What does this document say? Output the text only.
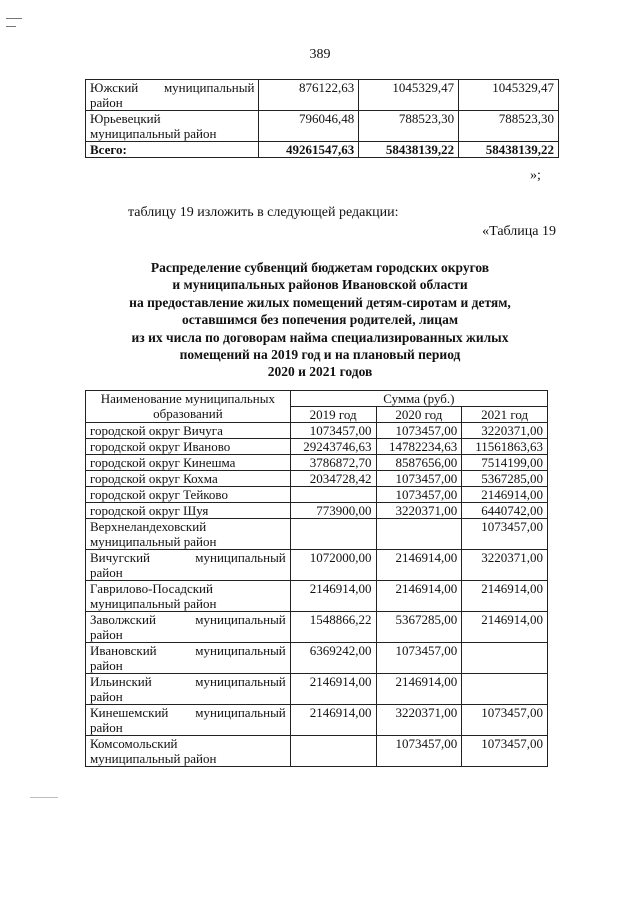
389
Южский муниципальный
район	876122,63	1045329,47	1045329,47

Юрьевецкий
муниципальный район	796046,48	788523,30	788523,30
Всего:	49261547,63	58438139,22	58438139,22
»;
таблицу 19 изложить в следующей редакции:
«Таблица 19
Распределение субвенций бюджетам городских округов
и муниципальных районов Ивановской области
на предоставление жилых помещений детям-сиротам и детям,
оставшимся без попечения родителей, лицам
из их числа по договорам найма специализированных жилых
помещений на 2019 год и на плановый период
2020 и 2021 годов
Наименование муниципальных образований	Сумма (руб.)		
	2019 год	2020 год	2021 год

городской округ Вичуга	1073457,00	1073457,00	3220371,00

городской округ Иваново	29243746,63	14782234,63	11561863,63

городской округ Кинешма	3786872,70	8587656,00	7514199,00

городской округ Кохма	2034728,42	1073457,00	5367285,00

городской округ Тейково		1073457,00	2146914,00

городской округ Шуя	773900,00	3220371,00	6440742,00

Верхнеландеховский
муниципальный район			1073457,00

Вичугский муниципальный
район	1072000,00	2146914,00	3220371,00

Гаврилово-Посадский
муниципальный район	2146914,00	2146914,00	2146914,00

Заволжский муниципальный
район	1548866,22	5367285,00	2146914,00

Ивановский муниципальный
район	6369242,00	1073457,00	

Ильинский муниципальный
район	2146914,00	2146914,00	

Кинешемский муниципальный
район	2146914,00	3220371,00	1073457,00

Комсомольский
муниципальный район		1073457,00	1073457,00
